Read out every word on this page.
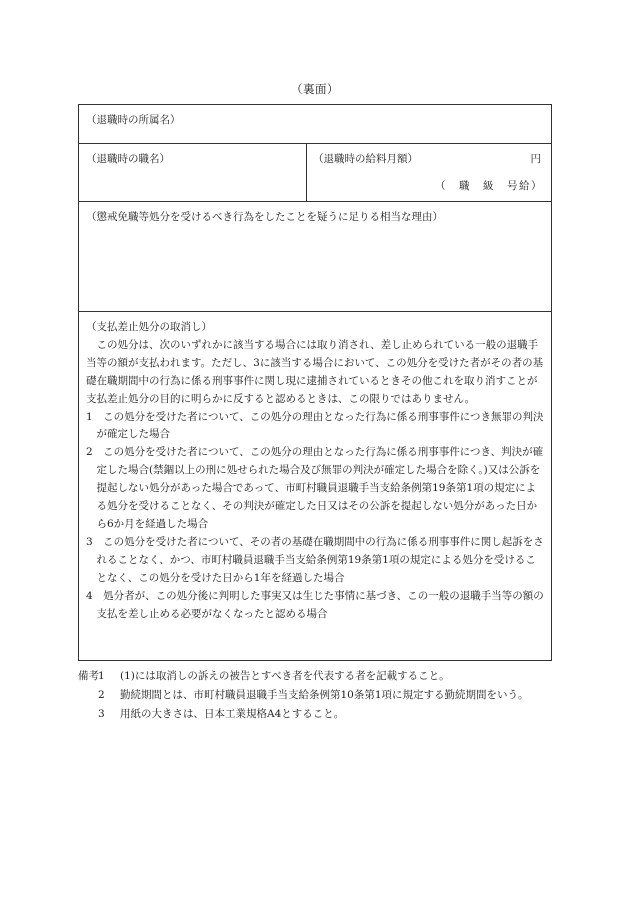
（裏面）
（退職時の所属名）
（退職時の職名）	（退職時の給料月額）	円
（　職　級　号給）
（懲戒免職等処分を受けるべき行為をしたことを疑うに足りる相当な理由）

（支払差止処分の取消し）

この処分は、次のいずれかに該当する場合には取り消され、差し止められている一般の退職手当等の額が支払われます。ただし、3に該当する場合において、この処分を受けた者がその者の基礎在職期間中の行為に係る刑事事件に関し現に逮捕されているときその他これを取り消すことが支払差止処分の目的に明らかに反すると認めるときは、この限りではありません。

1　この処分を受けた者について、この処分の理由となった行為に係る刑事事件につき無罪の判決が確定した場合

2　この処分を受けた者について、この処分の理由となった行為に係る刑事事件につき、判決が確定した場合(禁錮以上の刑に処せられた場合及び無罪の判決が確定した場合を除く。)又は公訴を提起しない処分があった場合であって、市町村職員退職手当支給条例第19条第1項の規定による処分を受けることなく、その判決が確定した日又はその公訴を提起しない処分があった日から6か月を経過した場合

3　この処分を受けた者について、その者の基礎在職期間中の行為に係る刑事事件に関し起訴をされることなく、かつ、市町村職員退職手当支給条例第19条第1項の規定による処分を受けることなく、この処分を受けた日から1年を経過した場合

4　処分者が、この処分後に判明した事実又は生じた事情に基づき、この一般の退職手当等の額の支払を差し止める必要がなくなったと認める場合

備考 1 (1)には取消しの訴えの被告とすべき者を代表する者を記載すること。
2 勤続期間とは、市町村職員退職手当支給条例第10条第1項に規定する勤続期間をいう。
3 用紙の大きさは、日本工業規格A4とすること。
